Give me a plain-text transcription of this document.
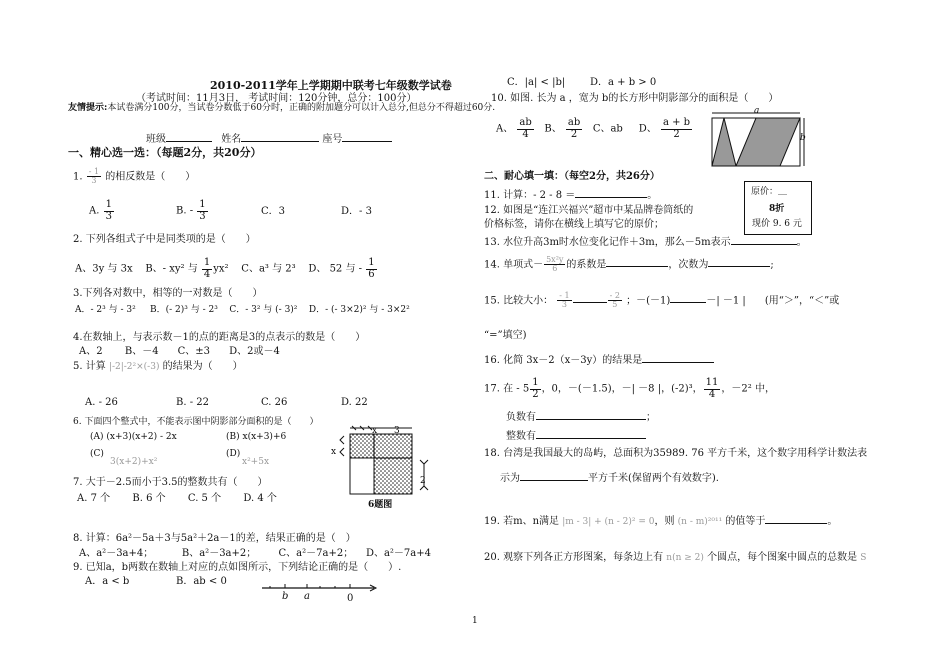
2010-2011学年上学期期中联考七年级数学试卷
（考试时间：11月3日， 考试时间：120分钟，总分：100分）
友情提示:本试卷满分100分，当试卷分数低于60分时，正确的附加题分可以计入总分,但总分不得超过60分.
班级	姓名	座号
一、精心选一选：（每题2分，共20分）
1. $\frac{- 1}{3}$ 的相反数是（　　）
A. $\frac{1}{3}$	B. - $\frac{1}{3}$	C．3	D．- 3
2. 下列各组式子中是同类项的是（　　）
A、3y 与 3x B、- xy² 与 $\frac{1}{4} yx^2$ C、a³ 与 2³ D、 52 与 - $\frac{1}{6}$
3.下列各对数中，相等的一对数是（　　）
A．- 2³ 与 - 3² B．(- 2)³ 与 - 2³ C．- 3² 与 (- 3)² D．- (- 3×2)² 与 - 3×2²
4.在数轴上，与表示数－1的点的距离是3的点表示的数是（　　）
A、2 B、－4 C、±3 D、2或－4
5. 计算 |-2|-2²×(-3) 的结果为（　　）
A. - 26	B. - 22	C. 26	D. 22
6. 下面四个整式中，不能表示图中阴影部分面积的是（　　）
(A) (x+3)(x+2) - 2x	(B) x(x+3)+6
(C)
3(x+2)+x²
(D)
x²+5x
x 3
2
x
6题图
7. 大于－2.5而小于3.5的整数共有（　　）
A. 7 个 B. 6 个 C. 5 个 D. 4 个
8. 计算：6a²－5a＋3与5a²＋2a－1的差，结果正确的是（　）
A、a²－3a+4；	B、a²－3a+2； C、a²－7a+2； D、a²－7a+4
9. 已知a，b两数在数轴上对应的点如图所示，下列结论正确的是（　　）.
A．a < b	B．ab < 0
b a	0
C．|a| < |b| D．a + b > 0
10. 如图. 长为 a ，宽为 b的长方形中阴影部分的面积是（　　）
A、 $\frac{ab}{4}$ B、 $\frac{ab}{2}$ C、ab D、 $\frac{a + b}{2}$
a
b
二、耐心填一填：（每空2分，共26分）
11. 计算：- 2 - 8 ＝	。
12. 如图是“连江兴福兴”超市中某品牌卷筒纸的
价格标签，请你在横线上填写它的原价；
原价：＿
8折
现价 9. 6 元
13. 水位升高3m时水位变化记作＋3m，那么－5m表示	。
14. 单项式－ $\frac{\text{5x²y}}{6}$ 的系数是	，次数为	;
15. 比较大小： $\frac{- 1}{3}$	$\frac{- 2}{5}$ ；－(－1)	－| －1 | (用“＞”，“＜”或
“=”填空)
16. 化简 3x－2（x－3y）的结果是
17. 在 - $5 \frac{1}{2}$ ，0，－(－1.5)，－| －8 |，(-2)³， $\frac{11}{4}$ ，－2² 中，
负数有	；
整数有
18. 台湾是我国最大的岛屿，总面积为35989. 76 平方千米，这个数字用科学计数法表
示为	平方千米(保留两个有效数字).
19. 若m、n满足 |m - 3| + (n - 2)² = 0，则 (n - m)²⁰¹¹ 的值等于	。
20. 观察下列各正方形图案，每条边上有 n(n ≥ 2) 个圆点，每个图案中圆点的总数是 S
1
